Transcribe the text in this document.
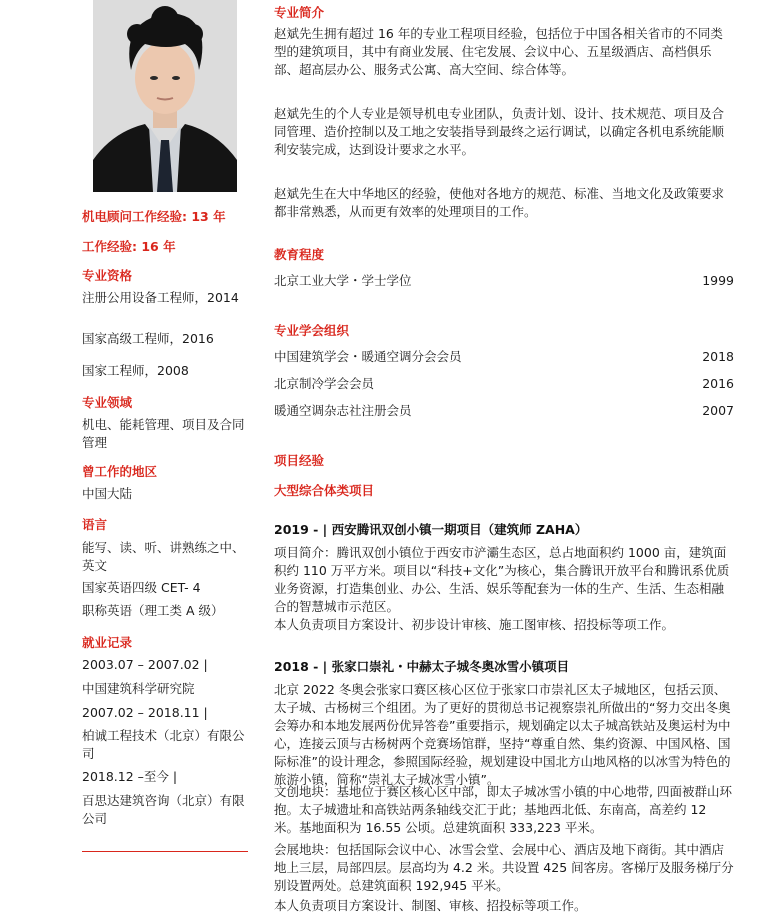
机电顾问工作经验: 13 年
工作经验: 16 年
专业资格
注册公用设备工程师，2014
国家高级工程师，2016
国家工程师，2008
专业领域
机电、能耗管理、项目及合同管理
曾工作的地区
中国大陆
语言
能写、读、听、讲熟练之中、英文
国家英语四级 CET- 4
职称英语（理工类 A 级）
就业记录
2003.07 – 2007.02 |
中国建筑科学研究院
2007.02 – 2018.11 |
柏诚工程技术（北京）有限公司
2018.12 –至今 |
百思达建筑咨询（北京）有限公司
专业简介
赵斌先生拥有超过 16 年的专业工程项目经验，包括位于中国各相关省市的不同类型的建筑项目，其中有商业发展、住宅发展、会议中心、五星级酒店、高档俱乐部、超高层办公、服务式公寓、高大空间、综合体等。
赵斌先生的个人专业是领导机电专业团队，负责计划、设计、技术规范、项目及合同管理、造价控制以及工地之安装指导到最终之运行调试，以确定各机电系统能顺利安装完成，达到设计要求之水平。
赵斌先生在大中华地区的经验，使他对各地方的规范、标准、当地文化及政策要求都非常熟悉，从而更有效率的处理项目的工作。
教育程度
北京工业大学・学士学位	1999
专业学会组织
中国建筑学会・暖通空调分会会员	2018
北京制冷学会会员	2016
暖通空调杂志社注册会员	2007
项目经验
大型综合体类项目
2019 - | 西安腾讯双创小镇一期项目（建筑师 ZAHA）
项目简介：腾讯双创小镇位于西安市浐灞生态区，总占地面积约 1000 亩，建筑面积约 110 万平方米。项目以“科技+文化”为核心，集合腾讯开放平台和腾讯系优质业务资源，打造集创业、办公、生活、娱乐等配套为一体的生产、生活、生态相融合的智慧城市示范区。
本人负责项目方案设计、初步设计审核、施工图审核、招投标等项工作。
2018 - | 张家口崇礼・中赫太子城冬奥冰雪小镇项目
北京 2022 冬奥会张家口赛区核心区位于张家口市崇礼区太子城地区，包括云顶、太子城、古杨树三个组团。为了更好的贯彻总书记视察崇礼所做出的“努力交出冬奥会筹办和本地发展两份优异答卷”重要指示，规划确定以太子城高铁站及奥运村为中心，连接云顶与古杨树两个竞赛场馆群，坚持“尊重自然、集约资源、中国风格、国际标准”的设计理念，参照国际经验，规划建设中国北方山地风格的以冰雪为特色的旅游小镇，简称“崇礼太子城冰雪小镇”。
文创地块：基地位于赛区核心区中部，即太子城冰雪小镇的中心地带, 四面被群山环抱。太子城遗址和高铁站两条轴线交汇于此；基地西北低、东南高，高差约 12 米。基地面积为 16.55 公顷。总建筑面积 333,223 平米。
会展地块：包括国际会议中心、冰雪会堂、会展中心、酒店及地下商街。其中酒店地上三层，局部四层。层高均为 4.2 米。共设置 425 间客房。客梯厅及服务梯厅分别设置两处。总建筑面积 192,945 平米。
本人负责项目方案设计、制图、审核、招投标等项工作。
